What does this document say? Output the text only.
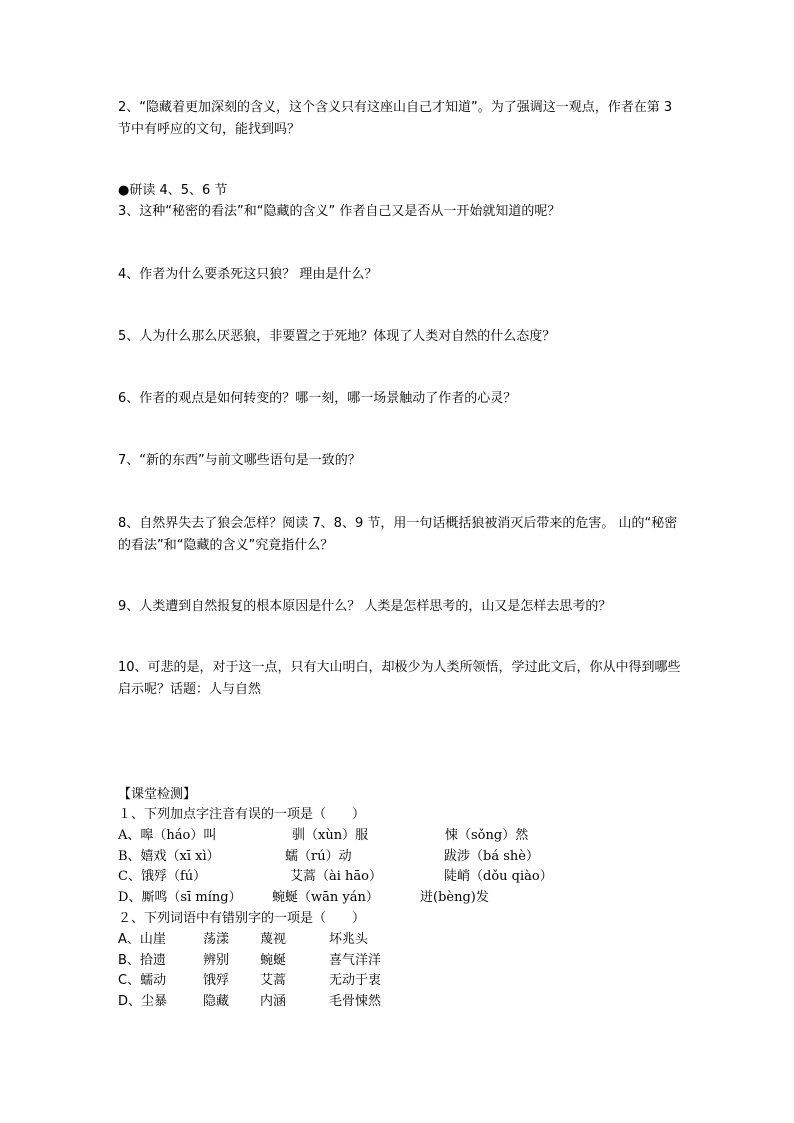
2、“隐藏着更加深刻的含义，这个含义只有这座山自己才知道”。为了强调这一观点，作者在第 3 节中有呼应的文句，能找到吗？
●研读 4、5、6 节
3、这种“秘密的看法”和“隐藏的含义” 作者自己又是否从一开始就知道的呢？
4、作者为什么要杀死这只狼？ 理由是什么？
5、人为什么那么厌恶狼，非要置之于死地？体现了人类对自然的什么态度？
6、作者的观点是如何转变的？哪一刻，哪一场景触动了作者的心灵？
7、“新的东西”与前文哪些语句是一致的？
8、自然界失去了狼会怎样？阅读 7、8、9 节，用一句话概括狼被消灭后带来的危害。 山的“秘密的看法”和“隐藏的含义”究竟指什么？
9、人类遭到自然报复的根本原因是什么？ 人类是怎样思考的，山又是怎样去思考的？
10、可悲的是，对于这一点，只有大山明白，却极少为人类所领悟，学过此文后，你从中得到哪些启示呢？话题：人与自然
【课堂检测】
１、下列加点字注音有误的一项是（　　）
A、嗥（háo）叫	驯（xùn）服	悚（sǒng）然
B、嬉戏（xī xì）	蠕（rú）动	跋涉（bá shè）
C、饿殍（fú）	艾蒿（ài hāo）	陡峭（dǒu qiào）
D、厮鸣（sī míng） 蜿蜒（wān yán）	迸(bèng)发
２、下列词语中有错别字的一项是（　　）
A、山崖	荡漾 蔑视	坏兆头
B、拾遗	辨别 蜿蜒	喜气洋洋
C、蠕动	饿殍 艾蒿	无动于衷
D、尘暴	隐藏 内涵	毛骨悚然
